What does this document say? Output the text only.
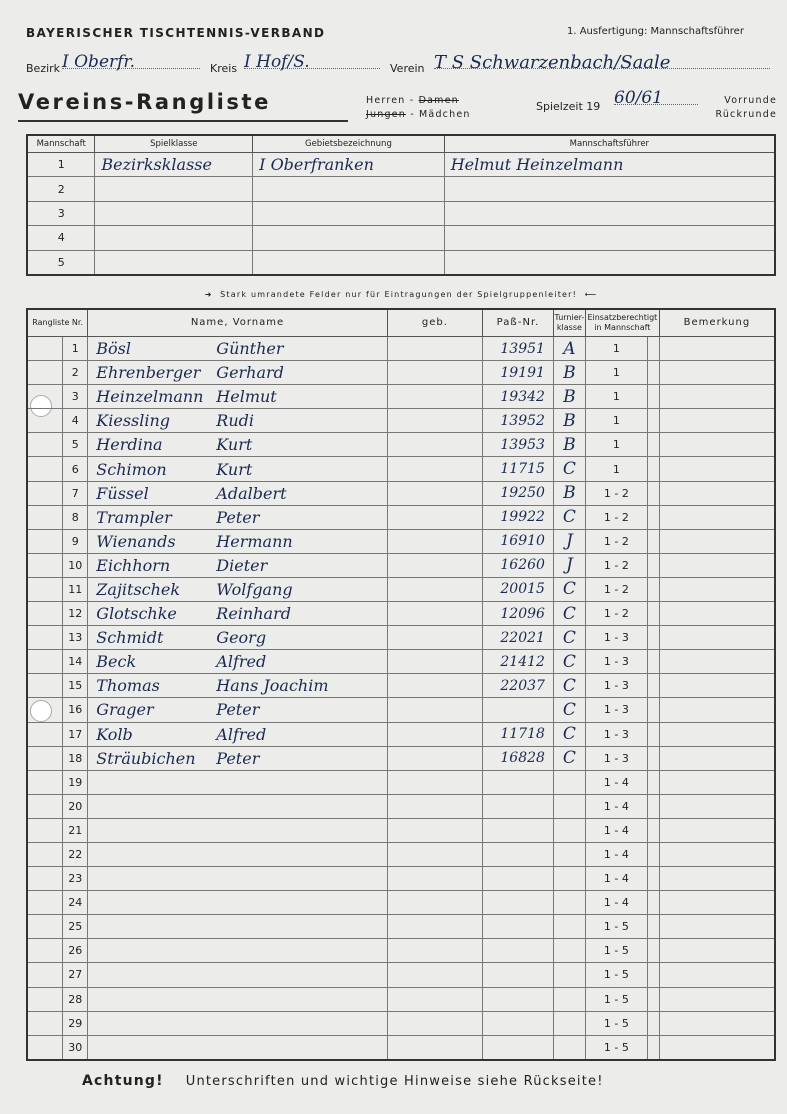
BAYERISCHER TISCHTENNIS-VERBAND	1. Ausfertigung: Mannschaftsführer
Bezirk I Oberfr.	Kreis I Hof/S.	Verein T S Schwarzenbach/Saale
Vereins-Rangliste	Herren - Damen
Jungen - Mädchen
Spielzeit 19 60/61	Vorrunde
Rückrunde
Mannschaft	Spielklasse	Gebietsbezeichnung	Mannschaftsführer
1	Bezirksklasse	I Oberfranken	Helmut Heinzelmann
2			
3			
4			
5			
➜  Stark umrandete Felder nur für Eintragungen der Spielgruppenleiter!  ⟵
Rangliste Nr.		Name, Vorname	geb.	Paß-Nr.	Turnier-klasse	Einsatzberechtigt in Mannschaft		Bemerkung
	1	Bösl Günther		13951	A	1		
	2	Ehrenberger Gerhard		19191	B	1		
	3	Heinzelmann Helmut		19342	B	1		
	4	Kiessling Rudi		13952	B	1		
	5	Herdina Kurt		13953	B	1		
	6	Schimon Kurt		11715	C	1		
	7	Füssel Adalbert		19250	B	1 - 2		
	8	Trampler Peter		19922	C	1 - 2		
	9	Wienands Hermann		16910	J	1 - 2		
	10	Eichhorn Dieter		16260	J	1 - 2		
	11	Zajitschek Wolfgang		20015	C	1 - 2		
	12	Glotschke Reinhard		12096	C	1 - 2		
	13	Schmidt Georg		22021	C	1 - 3		
	14	Beck Alfred		21412	C	1 - 3		
	15	Thomas Hans Joachim		22037	C	1 - 3		
	16	Grager Peter			C	1 - 3		
	17	Kolb Alfred		11718	C	1 - 3		
	18	Sträubichen Peter		16828	C	1 - 3		
	19					1 - 4		
	20					1 - 4		
	21					1 - 4		
	22					1 - 4		
	23					1 - 4		
	24					1 - 4		
	25					1 - 5		
	26					1 - 5		
	27					1 - 5		
	28					1 - 5		
	29					1 - 5		
	30					1 - 5		
Achtung! Unterschriften und wichtige Hinweise siehe Rückseite!
